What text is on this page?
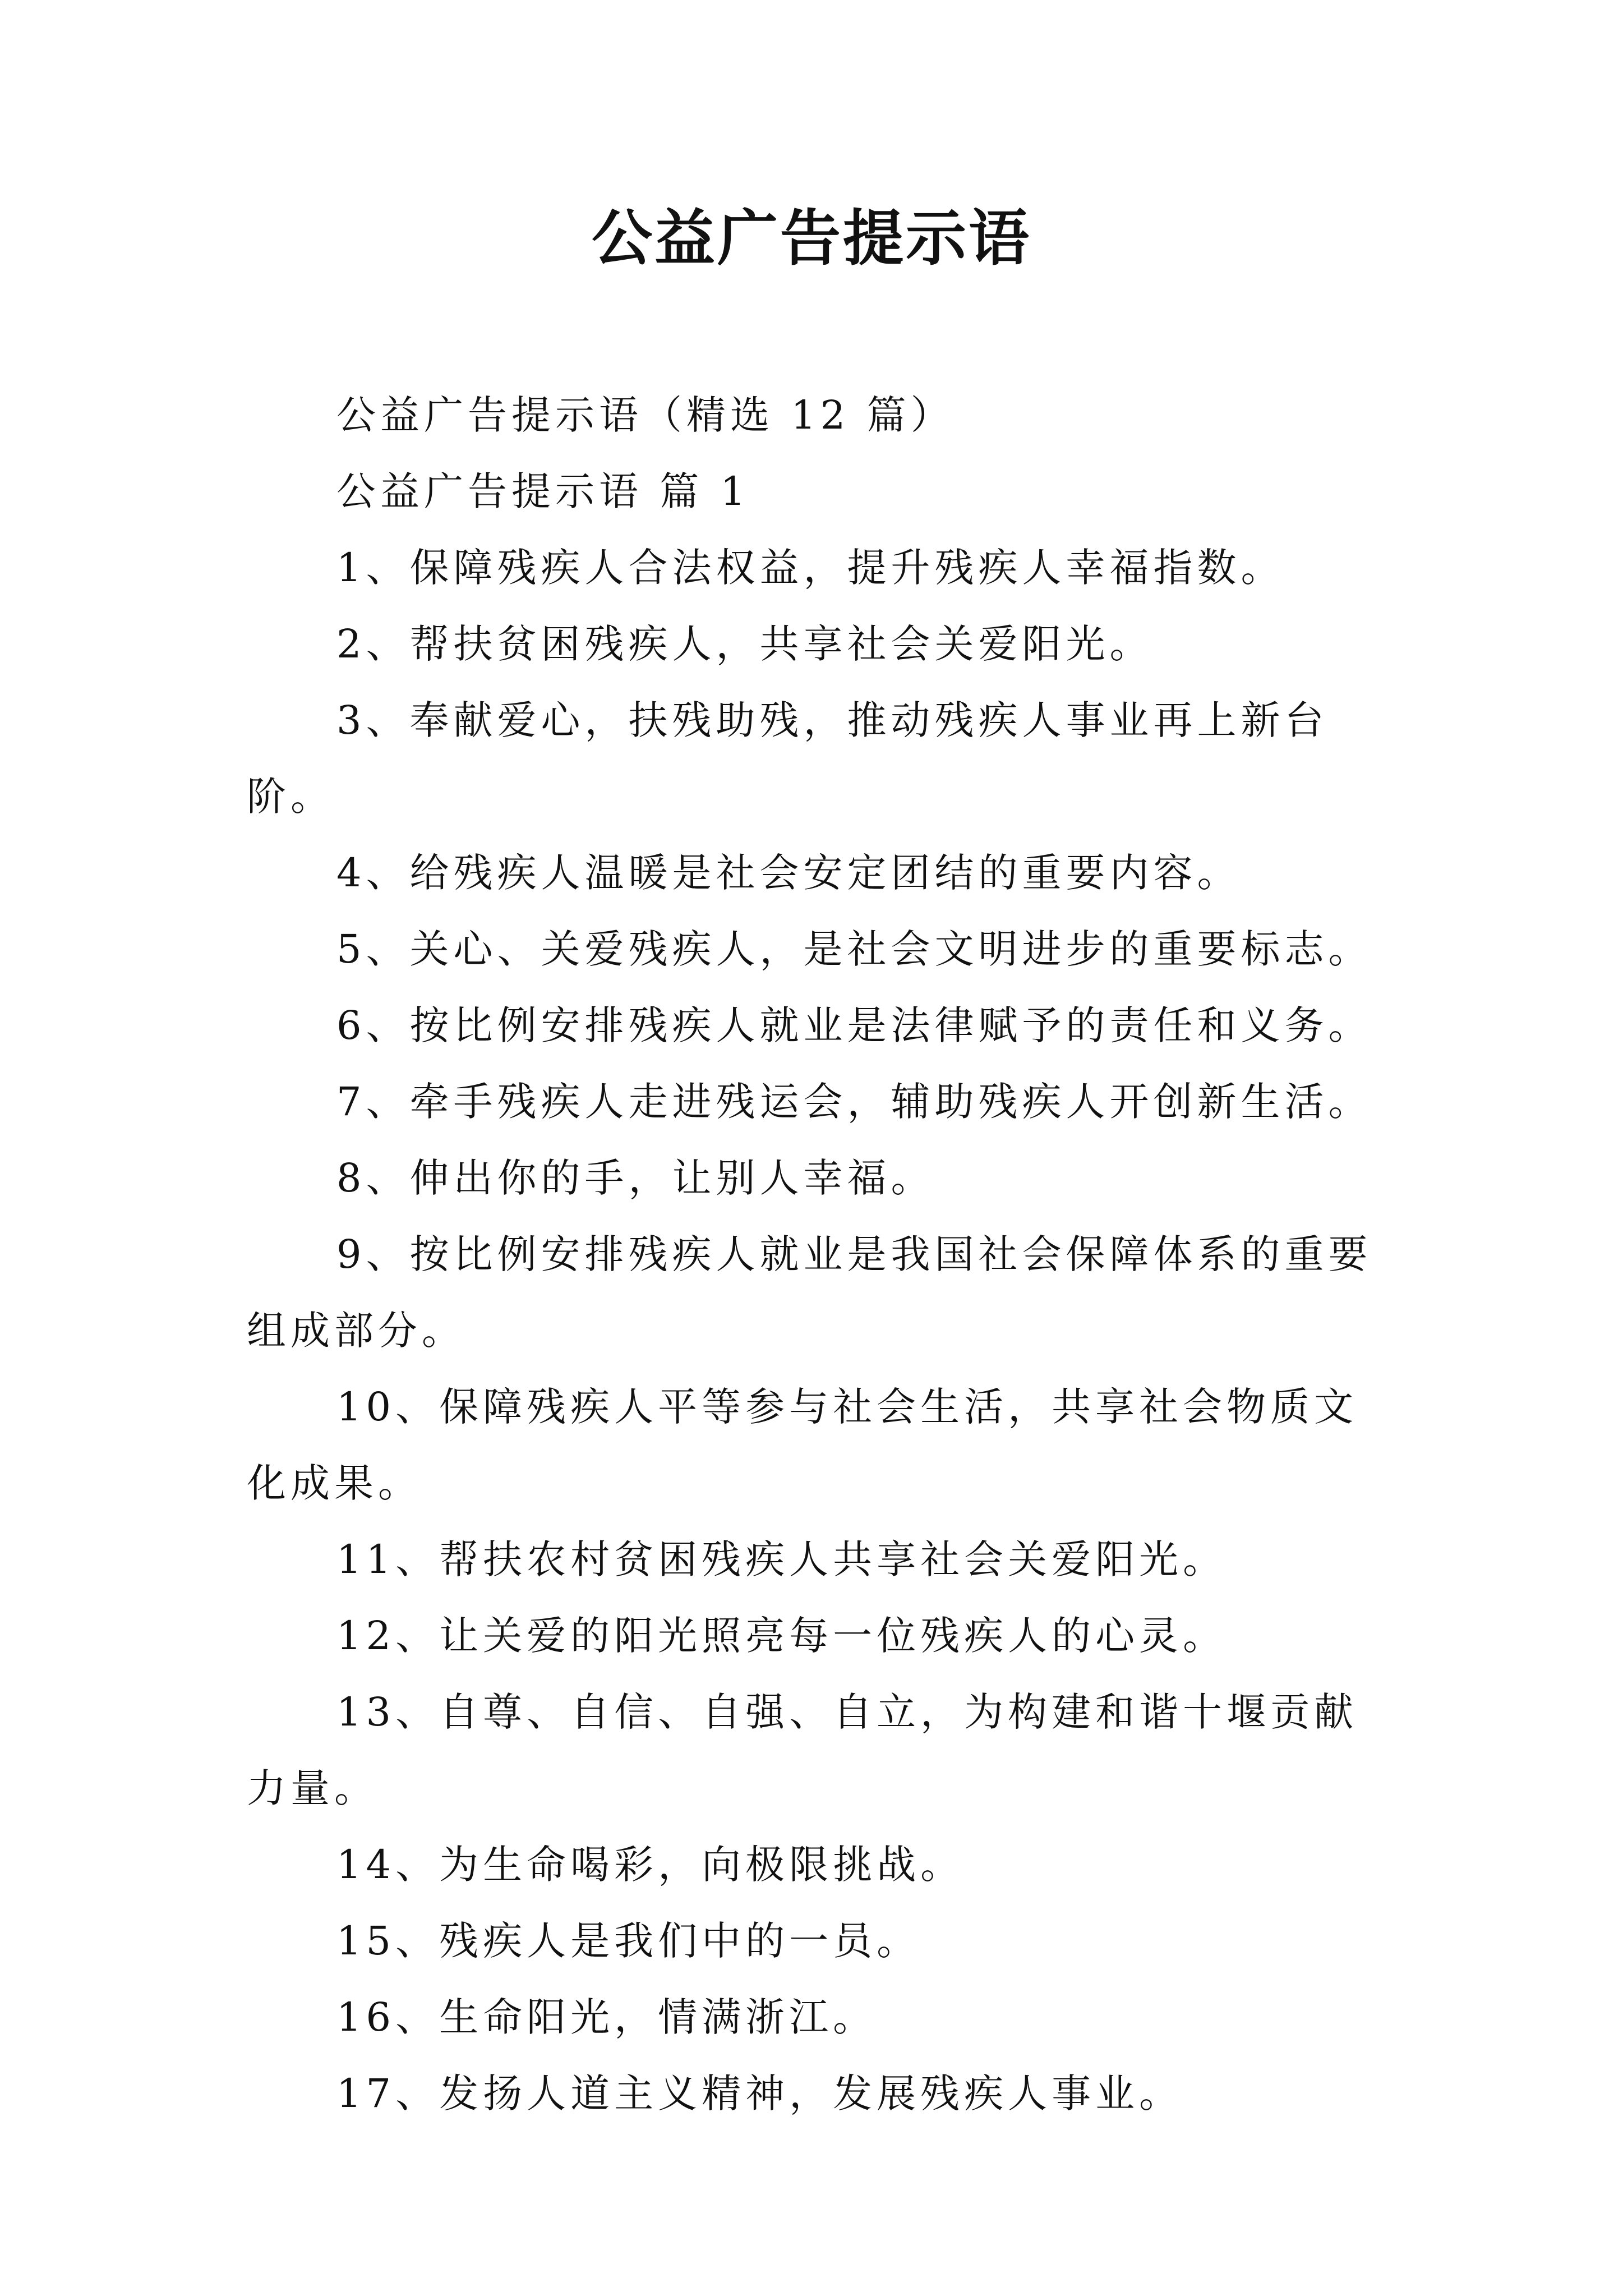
公益广告提示语

公益广告提示语（精选 12 篇）

公益广告提示语 篇 1

1、保障残疾人合法权益，提升残疾人幸福指数。

2、帮扶贫困残疾人，共享社会关爱阳光。

3、奉献爱心，扶残助残，推动残疾人事业再上新台阶。

4、给残疾人温暖是社会安定团结的重要内容。

5、关心、关爱残疾人，是社会文明进步的重要标志。

6、按比例安排残疾人就业是法律赋予的责任和义务。

7、牵手残疾人走进残运会，辅助残疾人开创新生活。

8、伸出你的手，让别人幸福。

9、按比例安排残疾人就业是我国社会保障体系的重要组成部分。

10、保障残疾人平等参与社会生活，共享社会物质文化成果。

11、帮扶农村贫困残疾人共享社会关爱阳光。

12、让关爱的阳光照亮每一位残疾人的心灵。

13、自尊、自信、自强、自立，为构建和谐十堰贡献力量。

14、为生命喝彩，向极限挑战。

15、残疾人是我们中的一员。

16、生命阳光，情满浙江。

17、发扬人道主义精神，发展残疾人事业。
